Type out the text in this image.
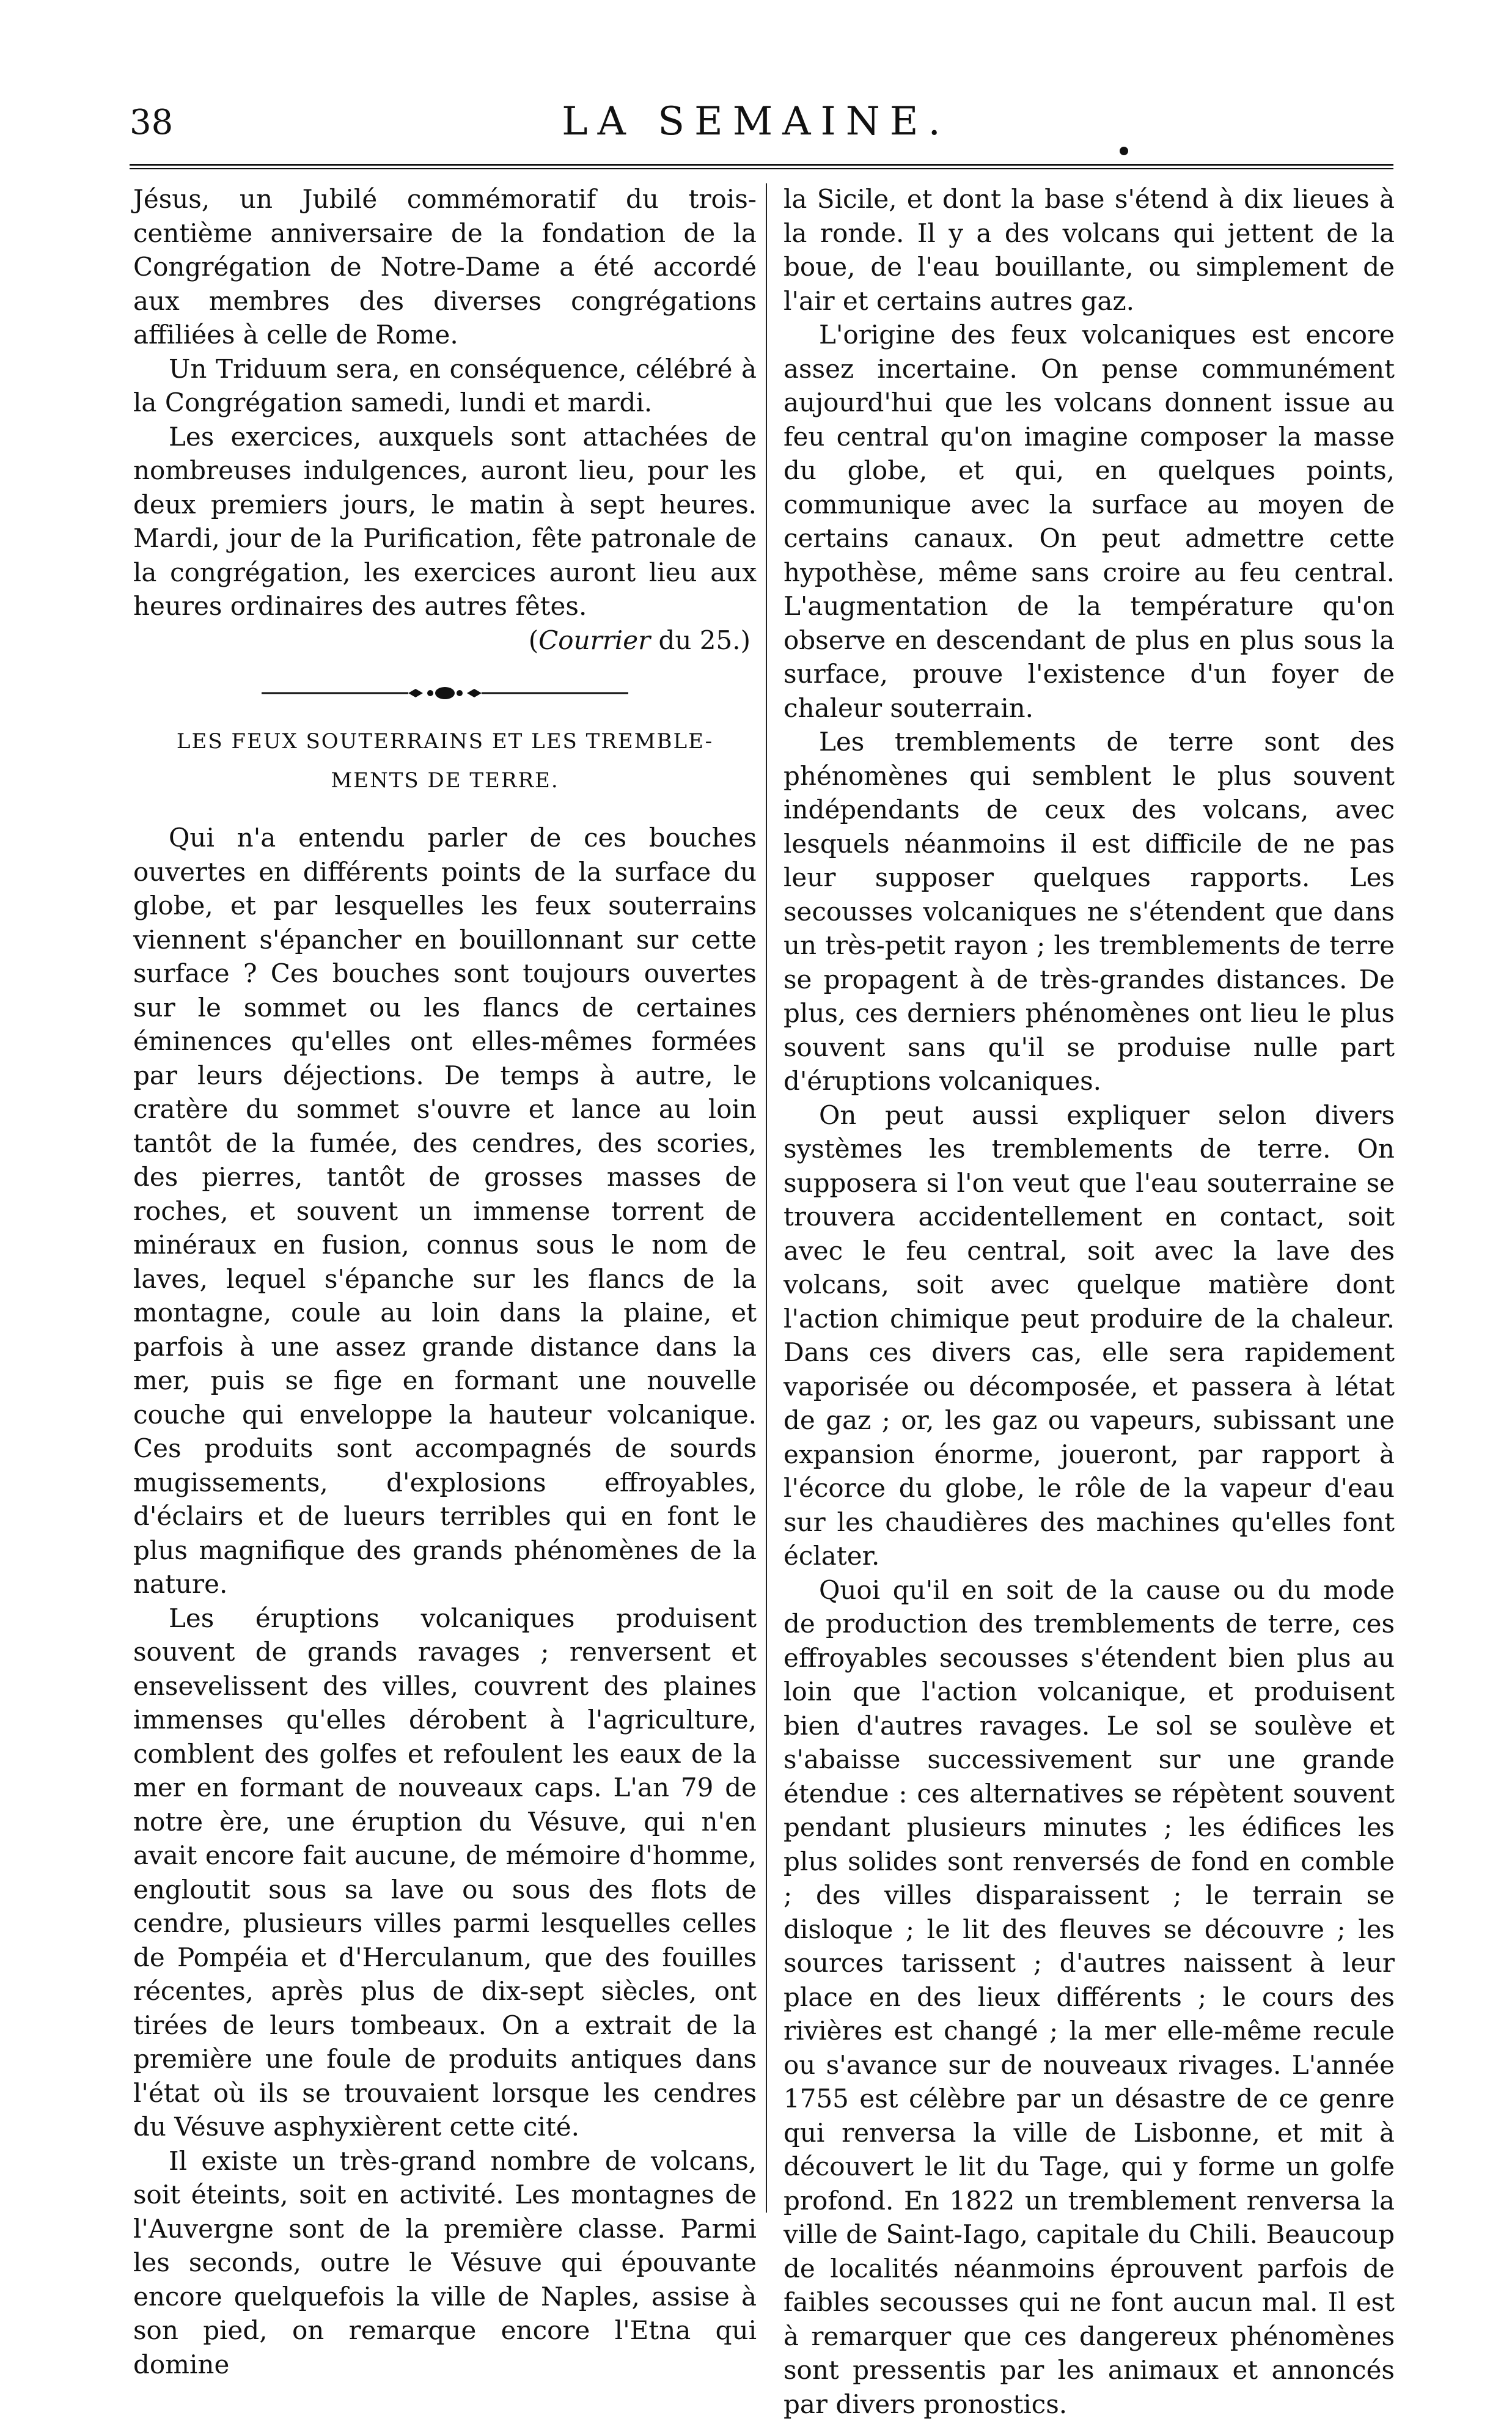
38	LA SEMAINE.

Jésus, un Jubilé commémoratif du trois-centième anniversaire de la fondation de la Congrégation de Notre-Dame a été accordé aux membres des diverses congrégations affiliées à celle de Rome.

Un Triduum sera, en conséquence, célébré à la Congrégation samedi, lundi et mardi.

Les exercices, auxquels sont attachées de nombreuses indulgences, auront lieu, pour les deux premiers jours, le matin à sept heures. Mardi, jour de la Purification, fête patronale de la congrégation, les exercices auront lieu aux heures ordinaires des autres fêtes.

(Courrier du 25.)

LES FEUX SOUTERRAINS ET LES TREMBLE-
MENTS DE TERRE.

Qui n'a entendu parler de ces bouches ouvertes en différents points de la surface du globe, et par lesquelles les feux souterrains viennent s'épancher en bouillonnant sur cette surface ? Ces bouches sont toujours ouvertes sur le sommet ou les flancs de certaines éminences qu'elles ont elles-mêmes formées par leurs déjections. De temps à autre, le cratère du sommet s'ouvre et lance au loin tantôt de la fumée, des cendres, des scories, des pierres, tantôt de grosses masses de roches, et souvent un immense torrent de minéraux en fusion, connus sous le nom de laves, lequel s'épanche sur les flancs de la montagne, coule au loin dans la plaine, et parfois à une assez grande distance dans la mer, puis se fige en formant une nouvelle couche qui enveloppe la hauteur volcanique. Ces produits sont accompagnés de sourds mugissements, d'explosions effroyables, d'éclairs et de lueurs terribles qui en font le plus magnifique des grands phénomènes de la nature.

Les éruptions volcaniques produisent souvent de grands ravages ; renversent et ensevelissent des villes, couvrent des plaines immenses qu'elles dérobent à l'agriculture, comblent des golfes et refoulent les eaux de la mer en formant de nouveaux caps. L'an 79 de notre ère, une éruption du Vésuve, qui n'en avait encore fait aucune, de mémoire d'homme, engloutit sous sa lave ou sous des flots de cendre, plusieurs villes parmi lesquelles celles de Pompéia et d'Herculanum, que des fouilles récentes, après plus de dix-sept siècles, ont tirées de leurs tombeaux. On a extrait de la première une foule de produits antiques dans l'état où ils se trouvaient lorsque les cendres du Vésuve asphyxièrent cette cité.

Il existe un très-grand nombre de volcans, soit éteints, soit en activité. Les montagnes de l'Auvergne sont de la première classe. Parmi les seconds, outre le Vésuve qui épouvante encore quelquefois la ville de Naples, assise à son pied, on remarque encore l'Etna qui domine

la Sicile, et dont la base s'étend à dix lieues à la ronde. Il y a des volcans qui jettent de la boue, de l'eau bouillante, ou simplement de l'air et certains autres gaz.

L'origine des feux volcaniques est encore assez incertaine. On pense communément aujourd'hui que les volcans donnent issue au feu central qu'on imagine composer la masse du globe, et qui, en quelques points, communique avec la surface au moyen de certains canaux. On peut admettre cette hypothèse, même sans croire au feu central. L'augmentation de la température qu'on observe en descendant de plus en plus sous la surface, prouve l'existence d'un foyer de chaleur souterrain.

Les tremblements de terre sont des phénomènes qui semblent le plus souvent indépendants de ceux des volcans, avec lesquels néanmoins il est difficile de ne pas leur supposer quelques rapports. Les secousses volcaniques ne s'étendent que dans un très-petit rayon ; les tremblements de terre se propagent à de très-grandes distances. De plus, ces derniers phénomènes ont lieu le plus souvent sans qu'il se produise nulle part d'éruptions volcaniques.

On peut aussi expliquer selon divers systèmes les tremblements de terre. On supposera si l'on veut que l'eau souterraine se trouvera accidentellement en contact, soit avec le feu central, soit avec la lave des volcans, soit avec quelque matière dont l'action chimique peut produire de la chaleur. Dans ces divers cas, elle sera rapidement vaporisée ou décomposée, et passera à létat de gaz ; or, les gaz ou vapeurs, subissant une expansion énorme, joueront, par rapport à l'écorce du globe, le rôle de la vapeur d'eau sur les chaudières des machines qu'elles font éclater.

Quoi qu'il en soit de la cause ou du mode de production des tremblements de terre, ces effroyables secousses s'étendent bien plus au loin que l'action volcanique, et produisent bien d'autres ravages. Le sol se soulève et s'abaisse successivement sur une grande étendue : ces alternatives se répètent souvent pendant plusieurs minutes ; les édifices les plus solides sont renversés de fond en comble ; des villes disparaissent ; le terrain se disloque ; le lit des fleuves se découvre ; les sources tarissent ; d'autres naissent à leur place en des lieux différents ; le cours des rivières est changé ; la mer elle-même recule ou s'avance sur de nouveaux rivages. L'année 1755 est célèbre par un désastre de ce genre qui renversa la ville de Lisbonne, et mit à découvert le lit du Tage, qui y forme un golfe profond. En 1822 un tremblement renversa la ville de Saint-Iago, capitale du Chili. Beaucoup de localités néanmoins éprouvent parfois de faibles secousses qui ne font aucun mal. Il est à remarquer que ces dangereux phénomènes sont pressentis par les animaux et annoncés par divers pronostics.
